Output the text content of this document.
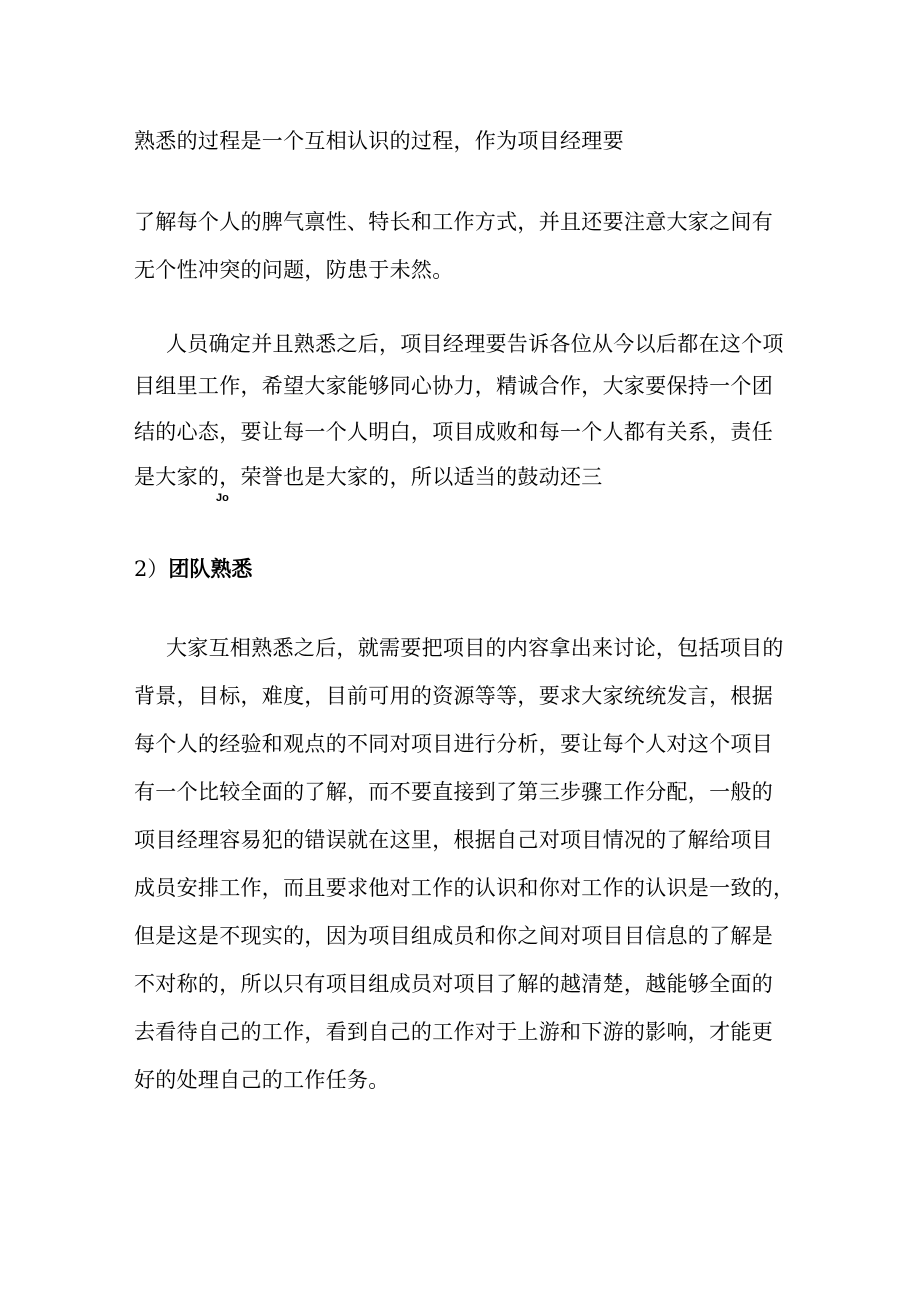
熟悉的过程是一个互相认识的过程，作为项目经理要
了解每个人的脾气禀性、特长和工作方式，并且还要注意大家之间有
无个性冲突的问题，防患于未然。
人员确定并且熟悉之后，项目经理要告诉各位从今以后都在这个项
目组里工作，希望大家能够同心协力，精诚合作，大家要保持一个团
结的心态，要让每一个人明白，项目成败和每一个人都有关系，责任
是大家的，荣誉也是大家的，所以适当的鼓动还三
Jo
2）团队熟悉
大家互相熟悉之后，就需要把项目的内容拿出来讨论，包括项目的
背景，目标，难度，目前可用的资源等等，要求大家统统发言，根据
每个人的经验和观点的不同对项目进行分析，要让每个人对这个项目
有一个比较全面的了解，而不要直接到了第三步骤工作分配，一般的
项目经理容易犯的错误就在这里，根据自己对项目情况的了解给项目
成员安排工作，而且要求他对工作的认识和你对工作的认识是一致的，
但是这是不现实的，因为项目组成员和你之间对项目目信息的了解是
不对称的，所以只有项目组成员对项目了解的越清楚，越能够全面的
去看待自己的工作，看到自己的工作对于上游和下游的影响，才能更
好的处理自己的工作任务。
